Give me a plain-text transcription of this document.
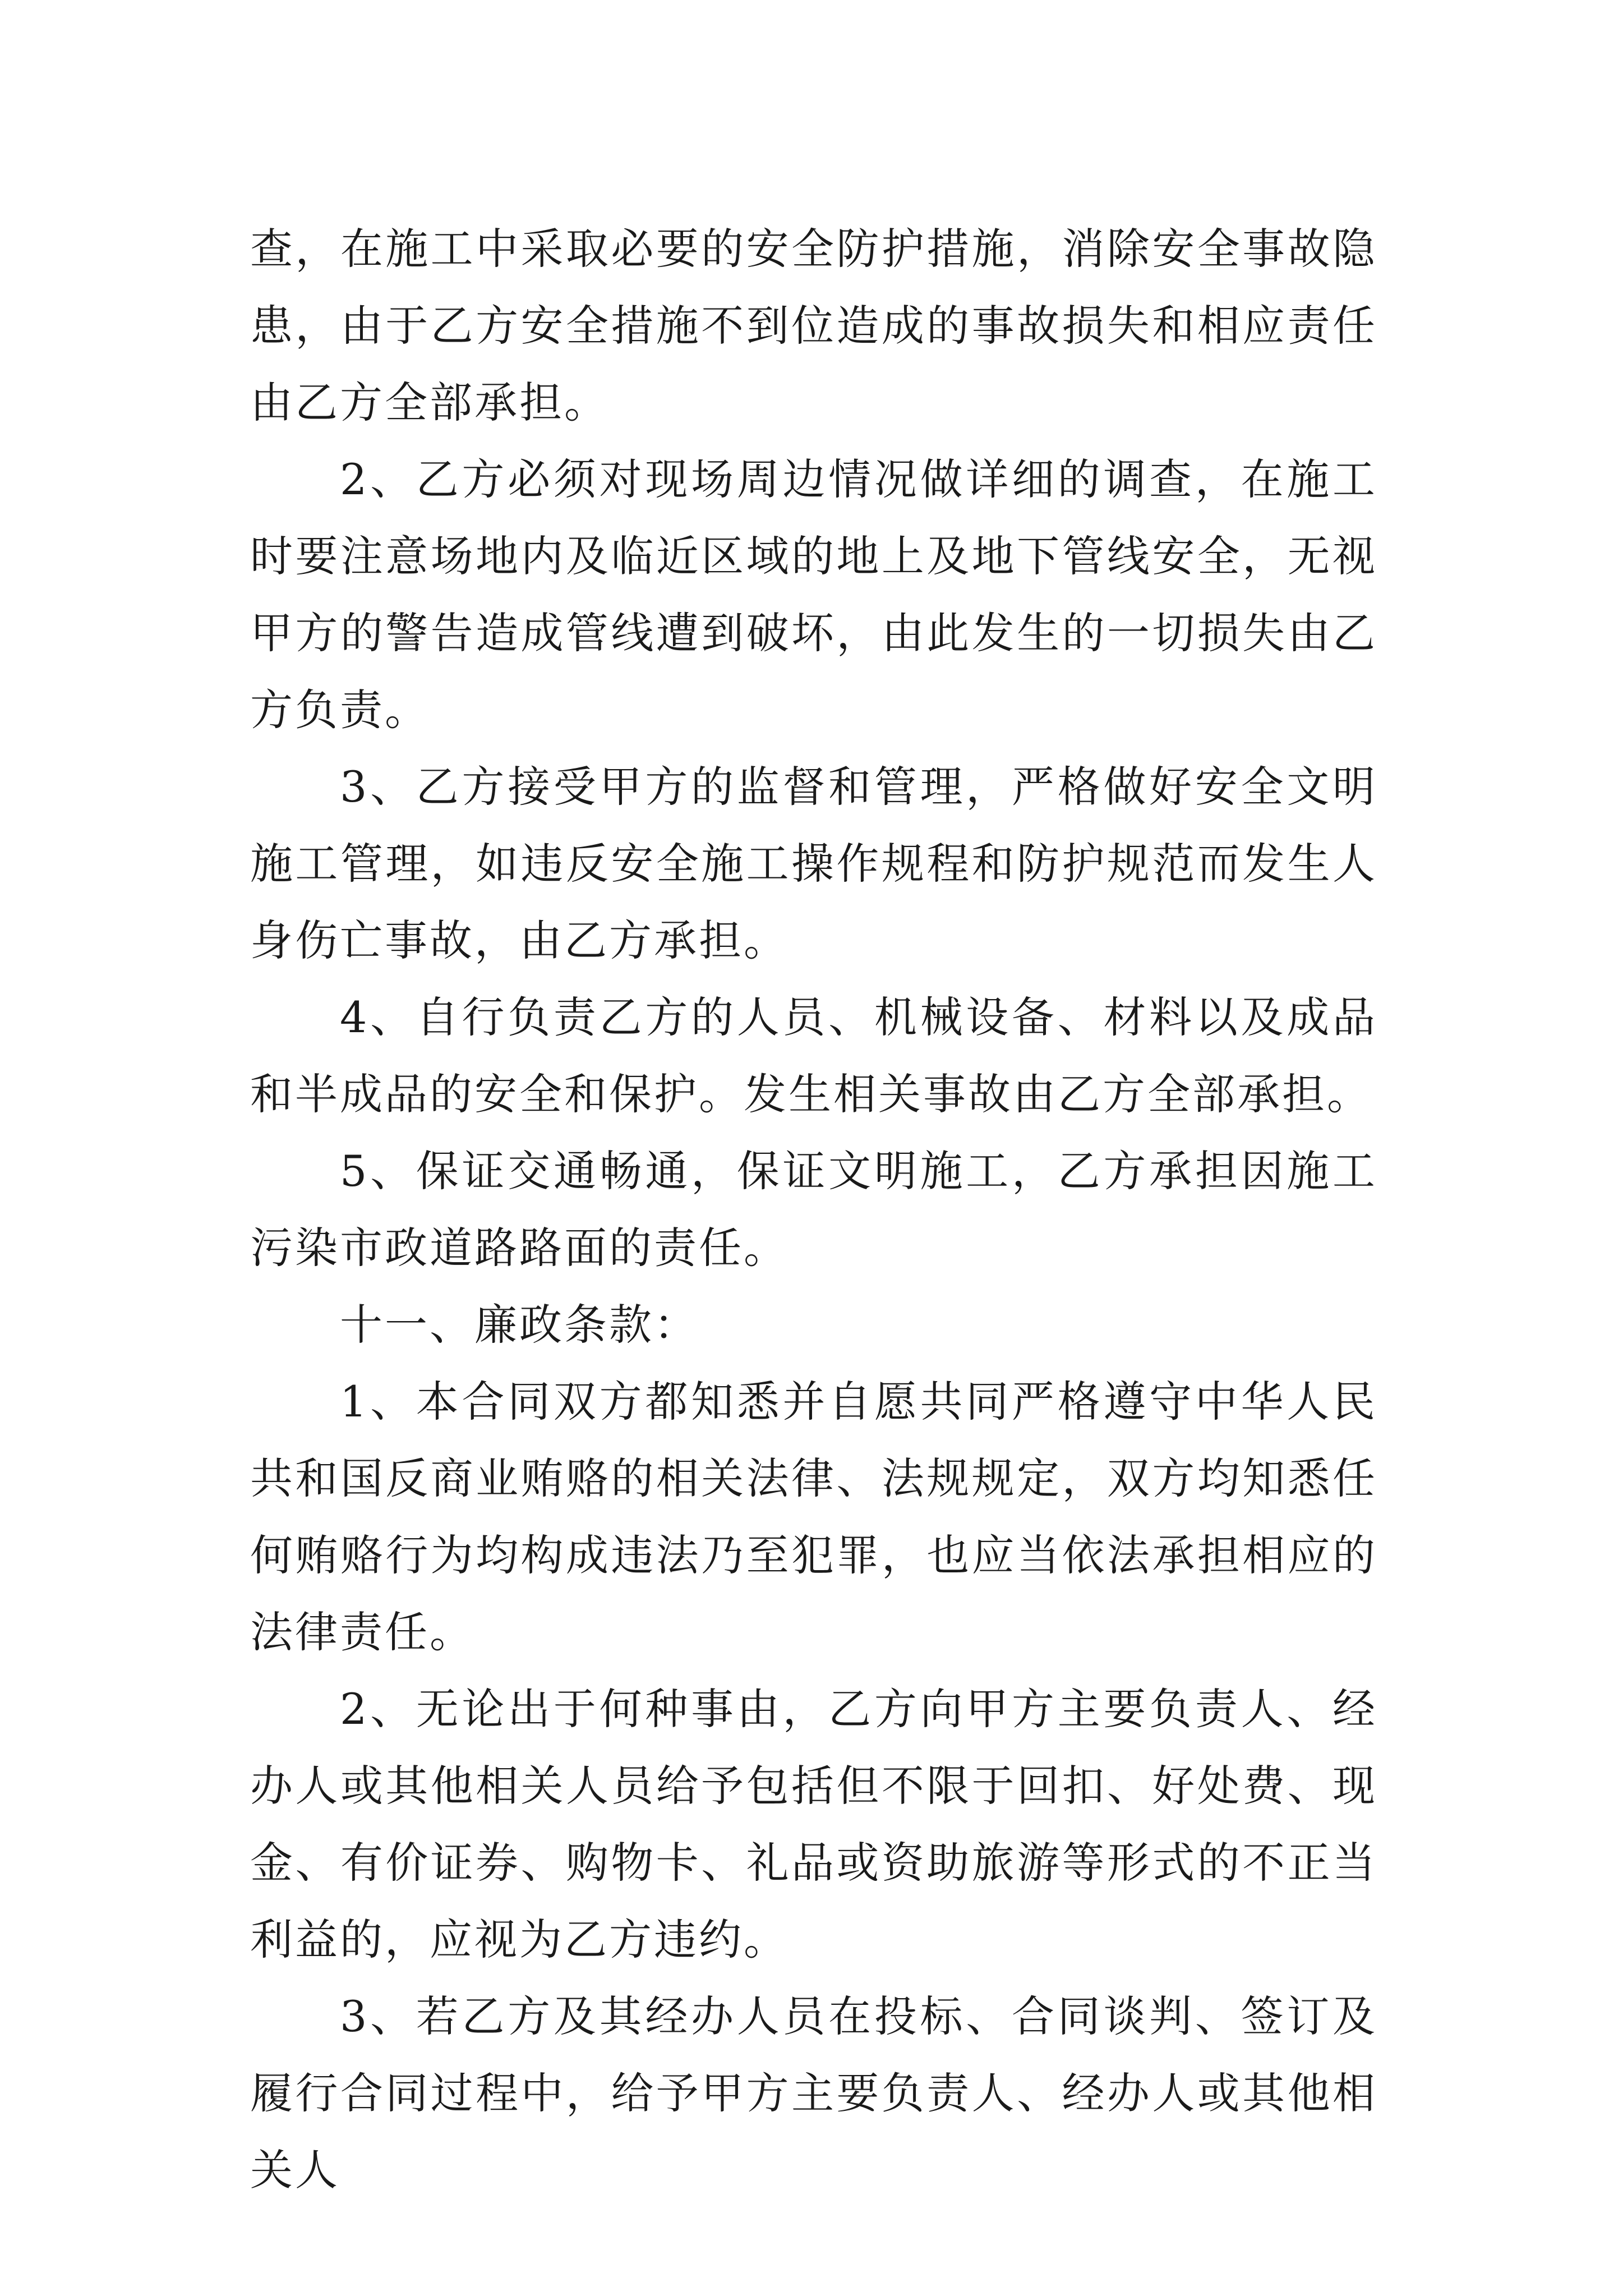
查，在施工中采取必要的安全防护措施，消除安全事故隐患，由于乙方安全措施不到位造成的事故损失和相应责任由乙方全部承担。

2、乙方必须对现场周边情况做详细的调查，在施工时要注意场地内及临近区域的地上及地下管线安全，无视甲方的警告造成管线遭到破坏，由此发生的一切损失由乙方负责。

3、乙方接受甲方的监督和管理，严格做好安全文明施工管理，如违反安全施工操作规程和防护规范而发生人身伤亡事故，由乙方承担。

4、自行负责乙方的人员、机械设备、材料以及成品和半成品的安全和保护。发生相关事故由乙方全部承担。

5、保证交通畅通，保证文明施工，乙方承担因施工污染市政道路路面的责任。

十一、廉政条款：

1、本合同双方都知悉并自愿共同严格遵守中华人民共和国反商业贿赂的相关法律、法规规定，双方均知悉任何贿赂行为均构成违法乃至犯罪，也应当依法承担相应的法律责任。

2、无论出于何种事由，乙方向甲方主要负责人、经办人或其他相关人员给予包括但不限于回扣、好处费、现金、有价证券、购物卡、礼品或资助旅游等形式的不正当利益的，应视为乙方违约。

3、若乙方及其经办人员在投标、合同谈判、签订及履行合同过程中，给予甲方主要负责人、经办人或其他相关人
